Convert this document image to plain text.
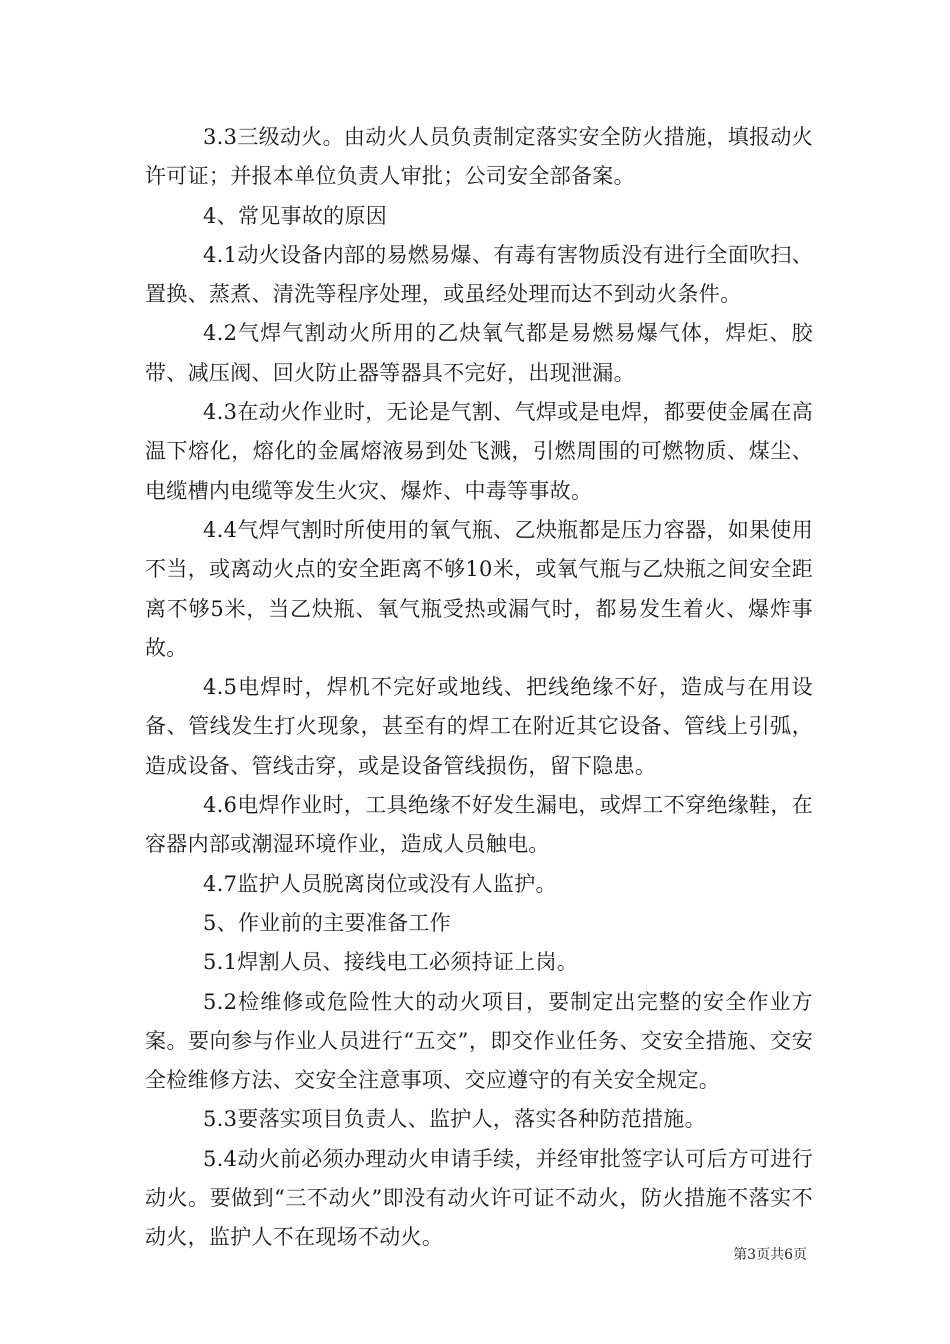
3.3三级动火。由动火人员负责制定落实安全防火措施，填报动火许可证；并报本单位负责人审批；公司安全部备案。

4、常见事故的原因

4.1动火设备内部的易燃易爆、有毒有害物质没有进行全面吹扫、置换、蒸煮、清洗等程序处理，或虽经处理而达不到动火条件。

4.2气焊气割动火所用的乙炔氧气都是易燃易爆气体，焊炬、胶带、减压阀、回火防止器等器具不完好，出现泄漏。

4.3在动火作业时，无论是气割、气焊或是电焊，都要使金属在高温下熔化，熔化的金属熔液易到处飞溅，引燃周围的可燃物质、煤尘、电缆槽内电缆等发生火灾、爆炸、中毒等事故。

4.4气焊气割时所使用的氧气瓶、乙炔瓶都是压力容器，如果使用不当，或离动火点的安全距离不够10米，或氧气瓶与乙炔瓶之间安全距离不够5米，当乙炔瓶、氧气瓶受热或漏气时，都易发生着火、爆炸事故。

4.5电焊时，焊机不完好或地线、把线绝缘不好，造成与在用设备、管线发生打火现象，甚至有的焊工在附近其它设备、管线上引弧，造成设备、管线击穿，或是设备管线损伤，留下隐患。

4.6电焊作业时，工具绝缘不好发生漏电，或焊工不穿绝缘鞋，在容器内部或潮湿环境作业，造成人员触电。

4.7监护人员脱离岗位或没有人监护。

5、作业前的主要准备工作

5.1焊割人员、接线电工必须持证上岗。

5.2检维修或危险性大的动火项目，要制定出完整的安全作业方案。要向参与作业人员进行“五交”，即交作业任务、交安全措施、交安全检维修方法、交安全注意事项、交应遵守的有关安全规定。

5.3要落实项目负责人、监护人，落实各种防范措施。

5.4动火前必须办理动火申请手续，并经审批签字认可后方可进行动火。要做到“三不动火”即没有动火许可证不动火，防火措施不落实不动火，监护人不在现场不动火。

第3页共6页
